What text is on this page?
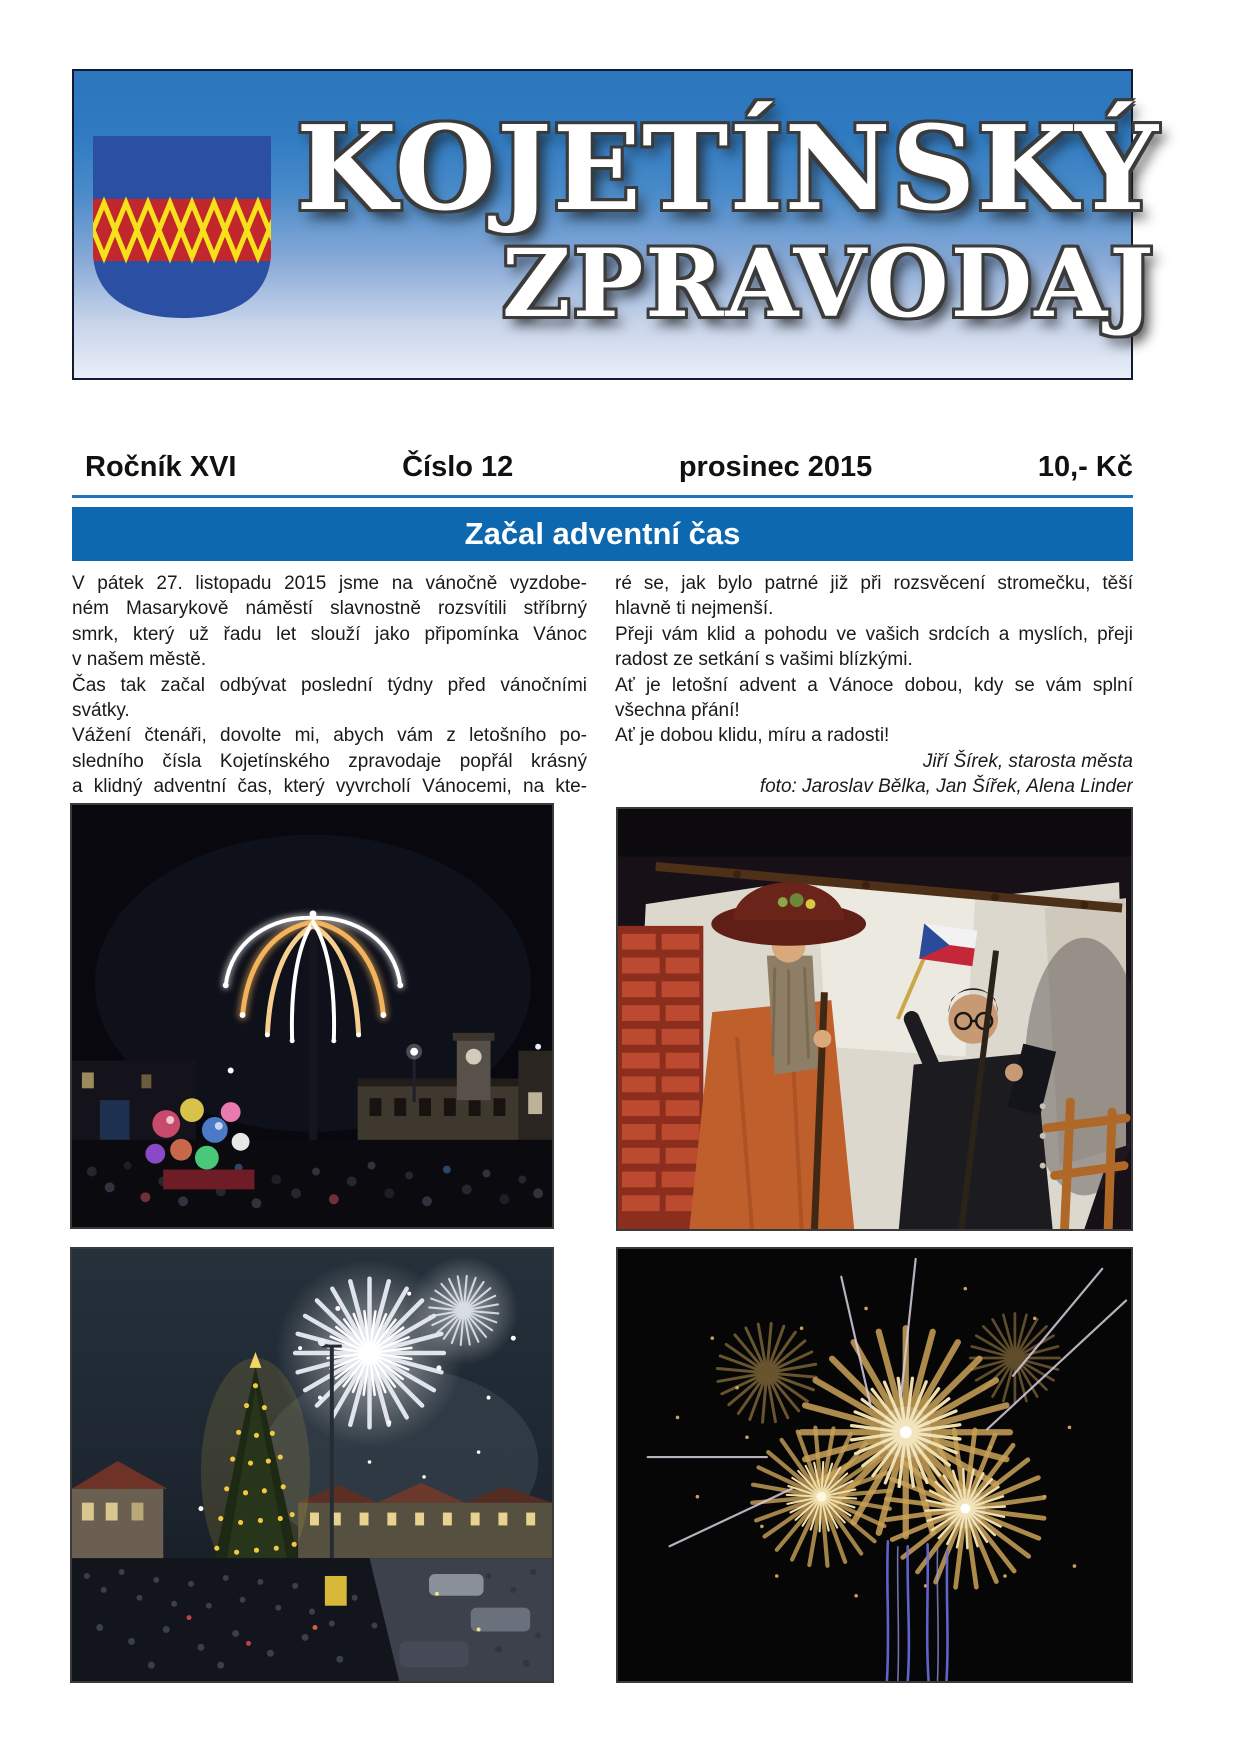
KOJETÍNSKÝ
ZPRAVODAJ
Ročník XVI	Číslo 12	prosinec 2015	10,- Kč
Začal adventní čas
V pátek 27. listopadu 2015 jsme na vánočně vyzdobe-
ném Masarykově náměstí slavnostně rozsvítili stříbrný
smrk, který už řadu let slouží jako připomínka Vánoc
v našem městě.
Čas tak začal odbývat poslední týdny před vánočními
svátky.
Vážení čtenáři, dovolte mi, abych vám z letošního po-
sledního čísla Kojetínského zpravodaje popřál krásný
a klidný adventní čas, který vyvrcholí Vánocemi, na kte-
ré se, jak bylo patrné již při rozsvěcení stromečku, těší
hlavně ti nejmenší.
Přeji vám klid a pohodu ve vašich srdcích a myslích, přeji
radost ze setkání s vašimi blízkými.
Ať je letošní advent a Vánoce dobou, kdy se vám splní
všechna přání!
Ať je dobou klidu, míru a radosti!
Jiří Šírek, starosta města
foto: Jaroslav Bělka, Jan Šířek, Alena Linder
